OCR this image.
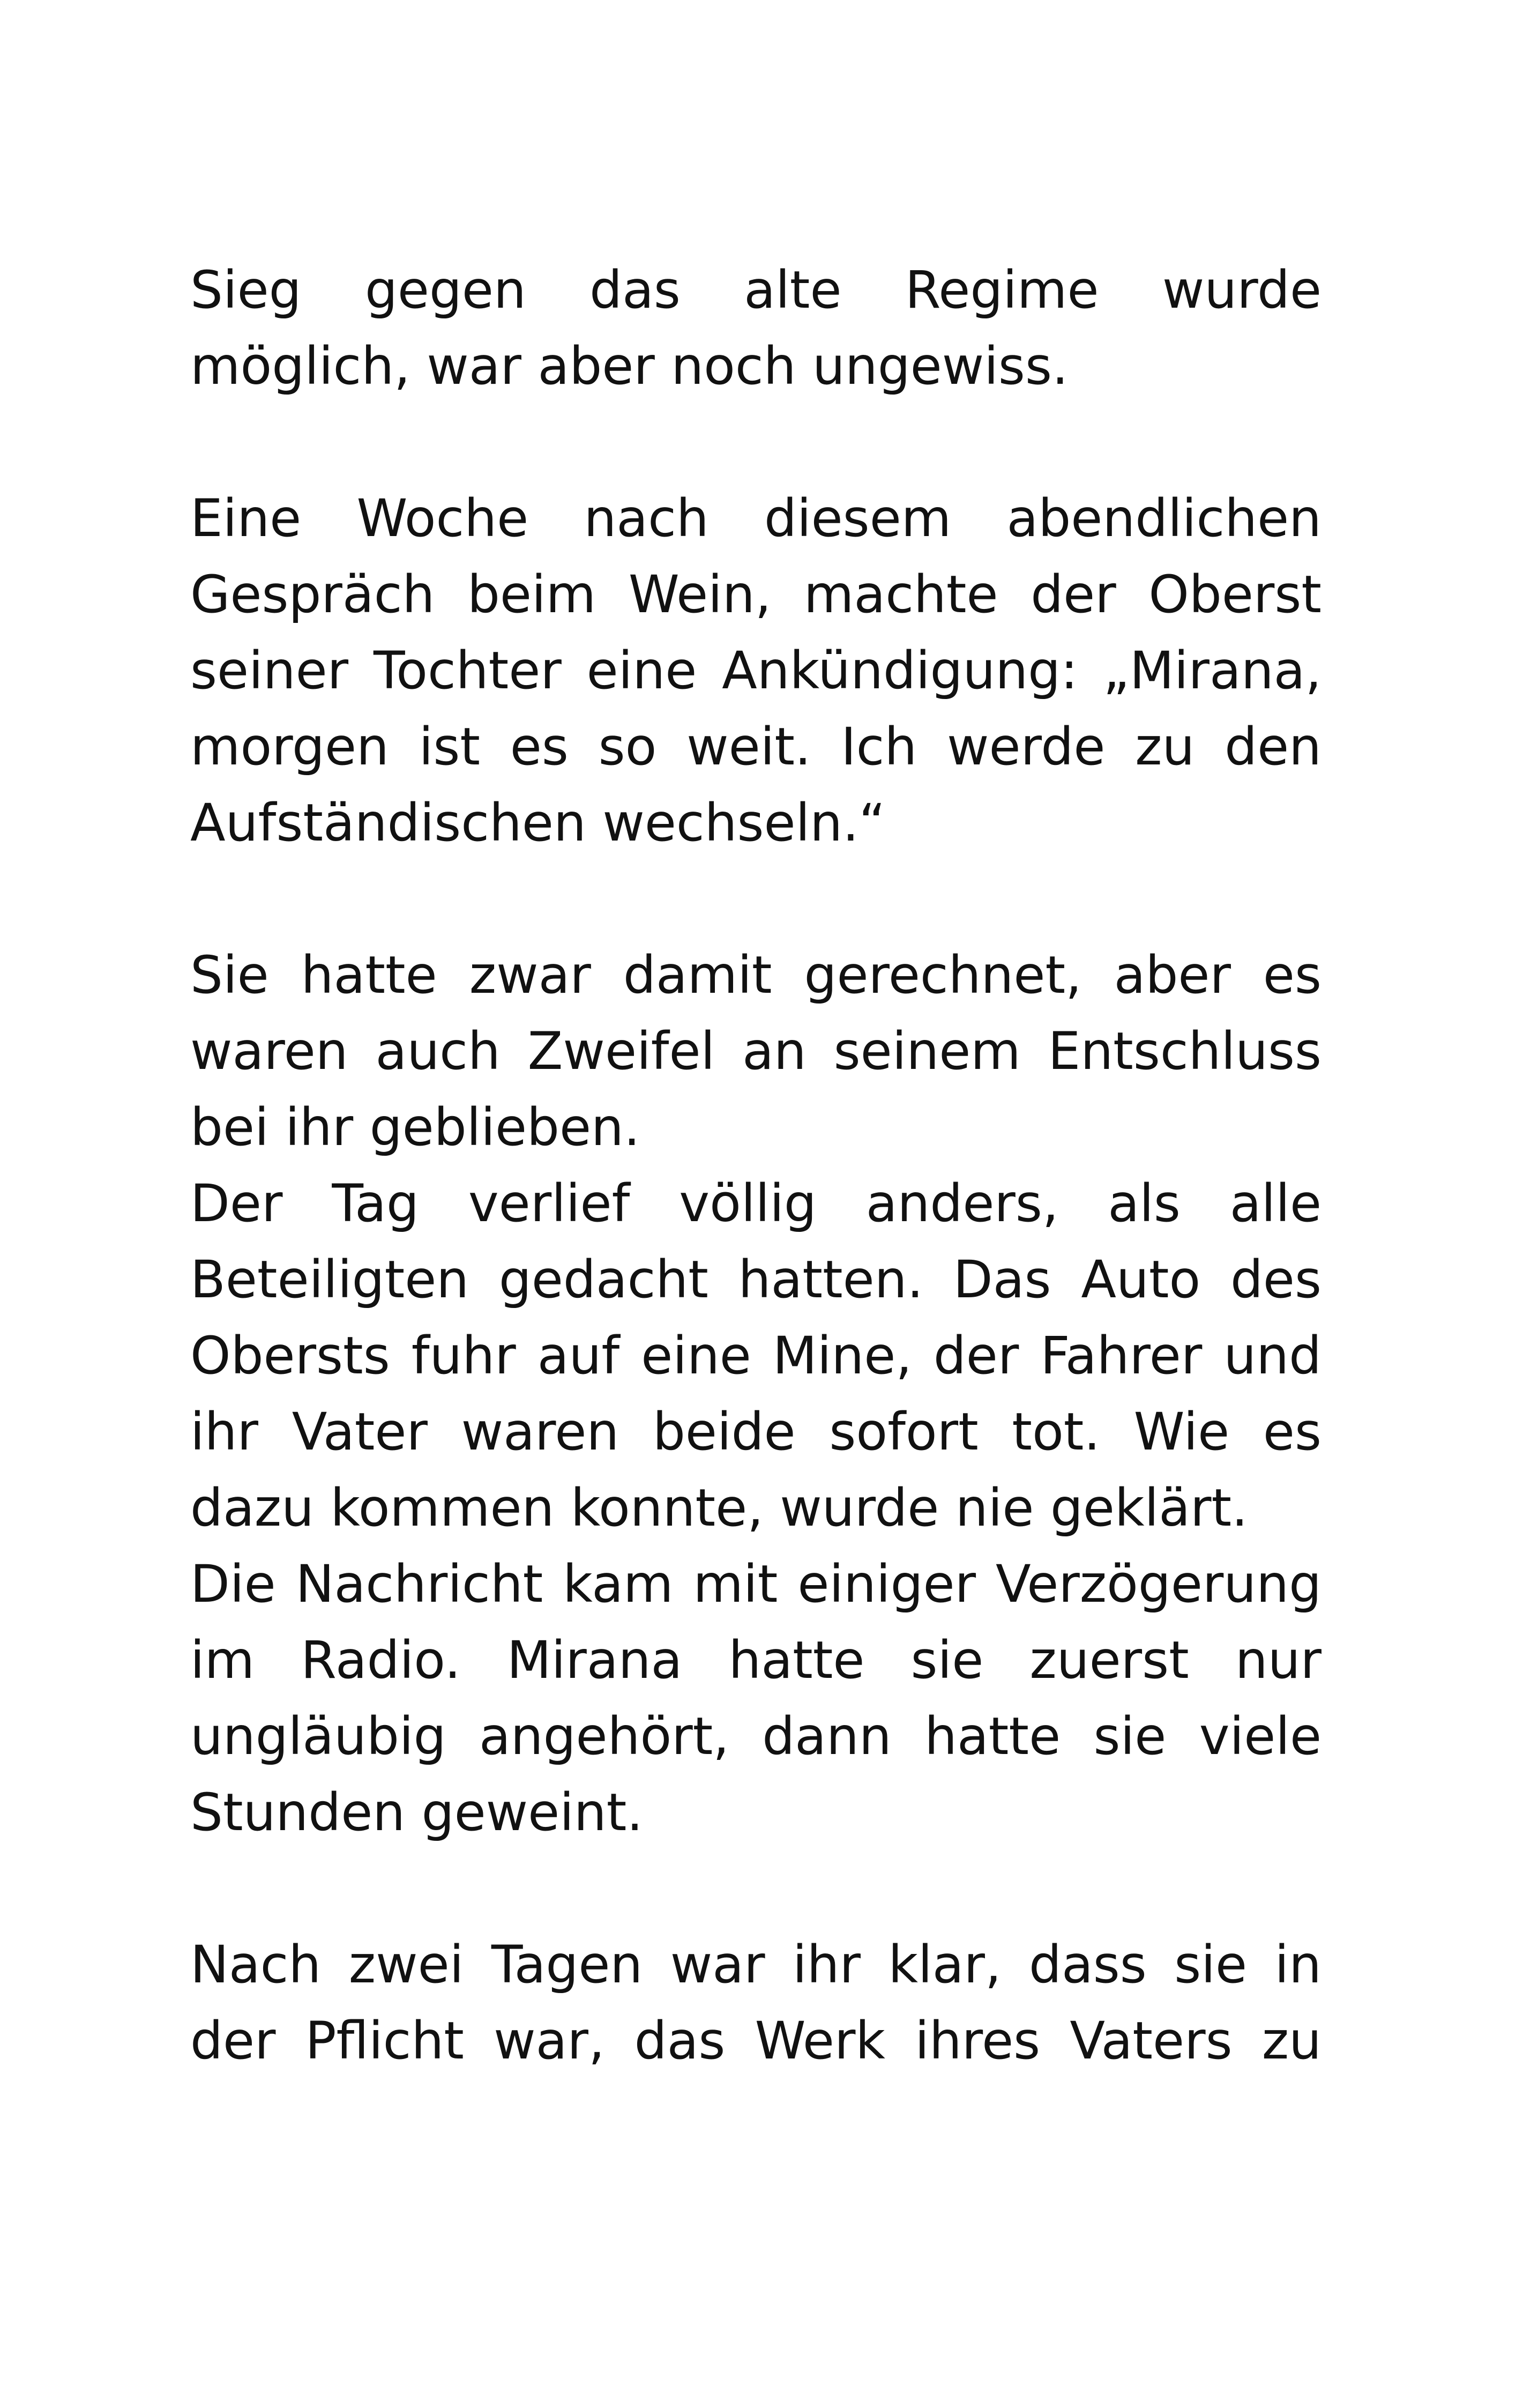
Sieg gegen das alte Regime wurde möglich, war aber noch ungewiss.

Eine Woche nach diesem abendlichen Gespräch beim Wein, machte der Oberst seiner Tochter eine Ankündigung: „Mirana, morgen ist es so weit. Ich werde zu den Aufständischen wechseln.“

Sie hatte zwar damit gerechnet, aber es waren auch Zweifel an seinem Entschluss bei ihr geblieben.

Der Tag verlief völlig anders, als alle Beteiligten gedacht hatten. Das Auto des Obersts fuhr auf eine Mine, der Fahrer und ihr Vater waren beide sofort tot. Wie es dazu kommen konnte, wurde nie geklärt.

Die Nachricht kam mit einiger Verzögerung im Radio. Mirana hatte sie zuerst nur ungläubig angehört, dann hatte sie viele Stunden geweint.

Nach zwei Tagen war ihr klar, dass sie in der Pflicht war, das Werk ihres Vaters zu
